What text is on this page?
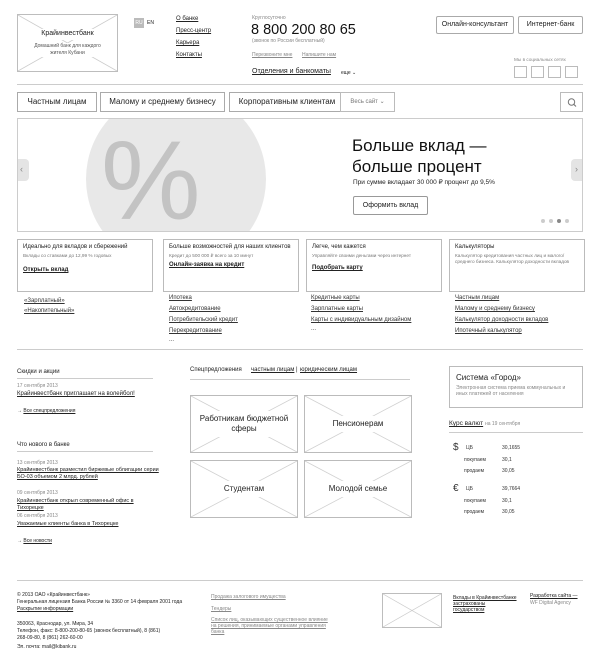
Крайинвестбанк
Домашний банк для каждого жителя Кубани
RU EN
О банке
Пресс-центр
Карьера
Контакты
Круглосуточно
8 800 200 80 65
(звонок по России бесплатный)
Перезвоните мне Напишите нам
Отделения и банкоматы еще ⌄
Онлайн-консультант	Интернет-банк
Мы в социальных сетях
Частным лицам	Малому и среднему бизнесу	Корпоративным клиентам	Весь сайт ⌄
%	Больше вклад —
больше процент
При сумме вкладает 30 000 ₽ процент до 9,5%
Оформить вклад
‹	›
Идеально для вкладов и сбережений
Вклады со ставками до 12,99 % годовых
Открыть вклад
Больше возможностей для наших клиентов
Кредит до 500 000 ₽ всего за 10 минут
Онлайн-заявка на кредит
Легче, чем кажется
Управляйте своими деньгами через интернет
Подобрать карту
Калькуляторы
Калькулятор кредитования частных лиц и малого/среднего бизнеса. Калькулятор доходности вкладов
«Зарплатный»
«Накопительный»
Ипотека
Автокредитование
Потребительский кредит
Перекредитование
...
Кредитные карты
Зарплатные карты
Карты с индивидуальным дизайном
...
Частным лицам
Малому и среднему бизнесу
Калькулятор доходности вкладов
Ипотечный калькулятор
Скидки и акции
17 сентября 2013
Крайинвестбанк приглашает на волейбол!
→ Все спецпредложения
Что нового в банке
13 сентября 2013
Крайинвестбанк разместил биржевые облигации серии БО-03 объемом 2 млрд. рублей
09 сентября 2013
Крайинвестбанк открыл современный офис в Тихорецке
06 сентября 2013
Уважаемые клиенты банка в Тихорецке
→ Все новости
Спецпредложения частным лицам | юридическим лицам
Работникам бюджетной сферы
Пенсионерам
Студентам	Молодой семье
Система «Город»
Электронная система приема коммунальных и иных платежей от населения
Курс валют на 19 сентября
$ ЦБ	30,1655
покупаем	30,1
продаем	30,05
€ ЦБ	39,7664
покупаем	30,1
продаем	30,05
© 2013 ОАО «Крайинвестбанк»
Генеральная лицензия Банка России № 3360 от 14 февраля 2001 года
Раскрытие информации
350063, Краснодар, ул. Мира, 34
Телефон, факс: 8-800-200-80-65 (звонок бесплатный), 8 (861) 268-09-80, 8 (861) 262-60-00
Эл. почта: mail@kibank.ru
Продажа залогового имущества
Тендеры
Список лиц, оказывающих существенное влияние на решения, принимаемые органами управления банка
Вклады в Крайинвестбанке застрахованы государством
Разработка сайта —
WF Digital Agency
